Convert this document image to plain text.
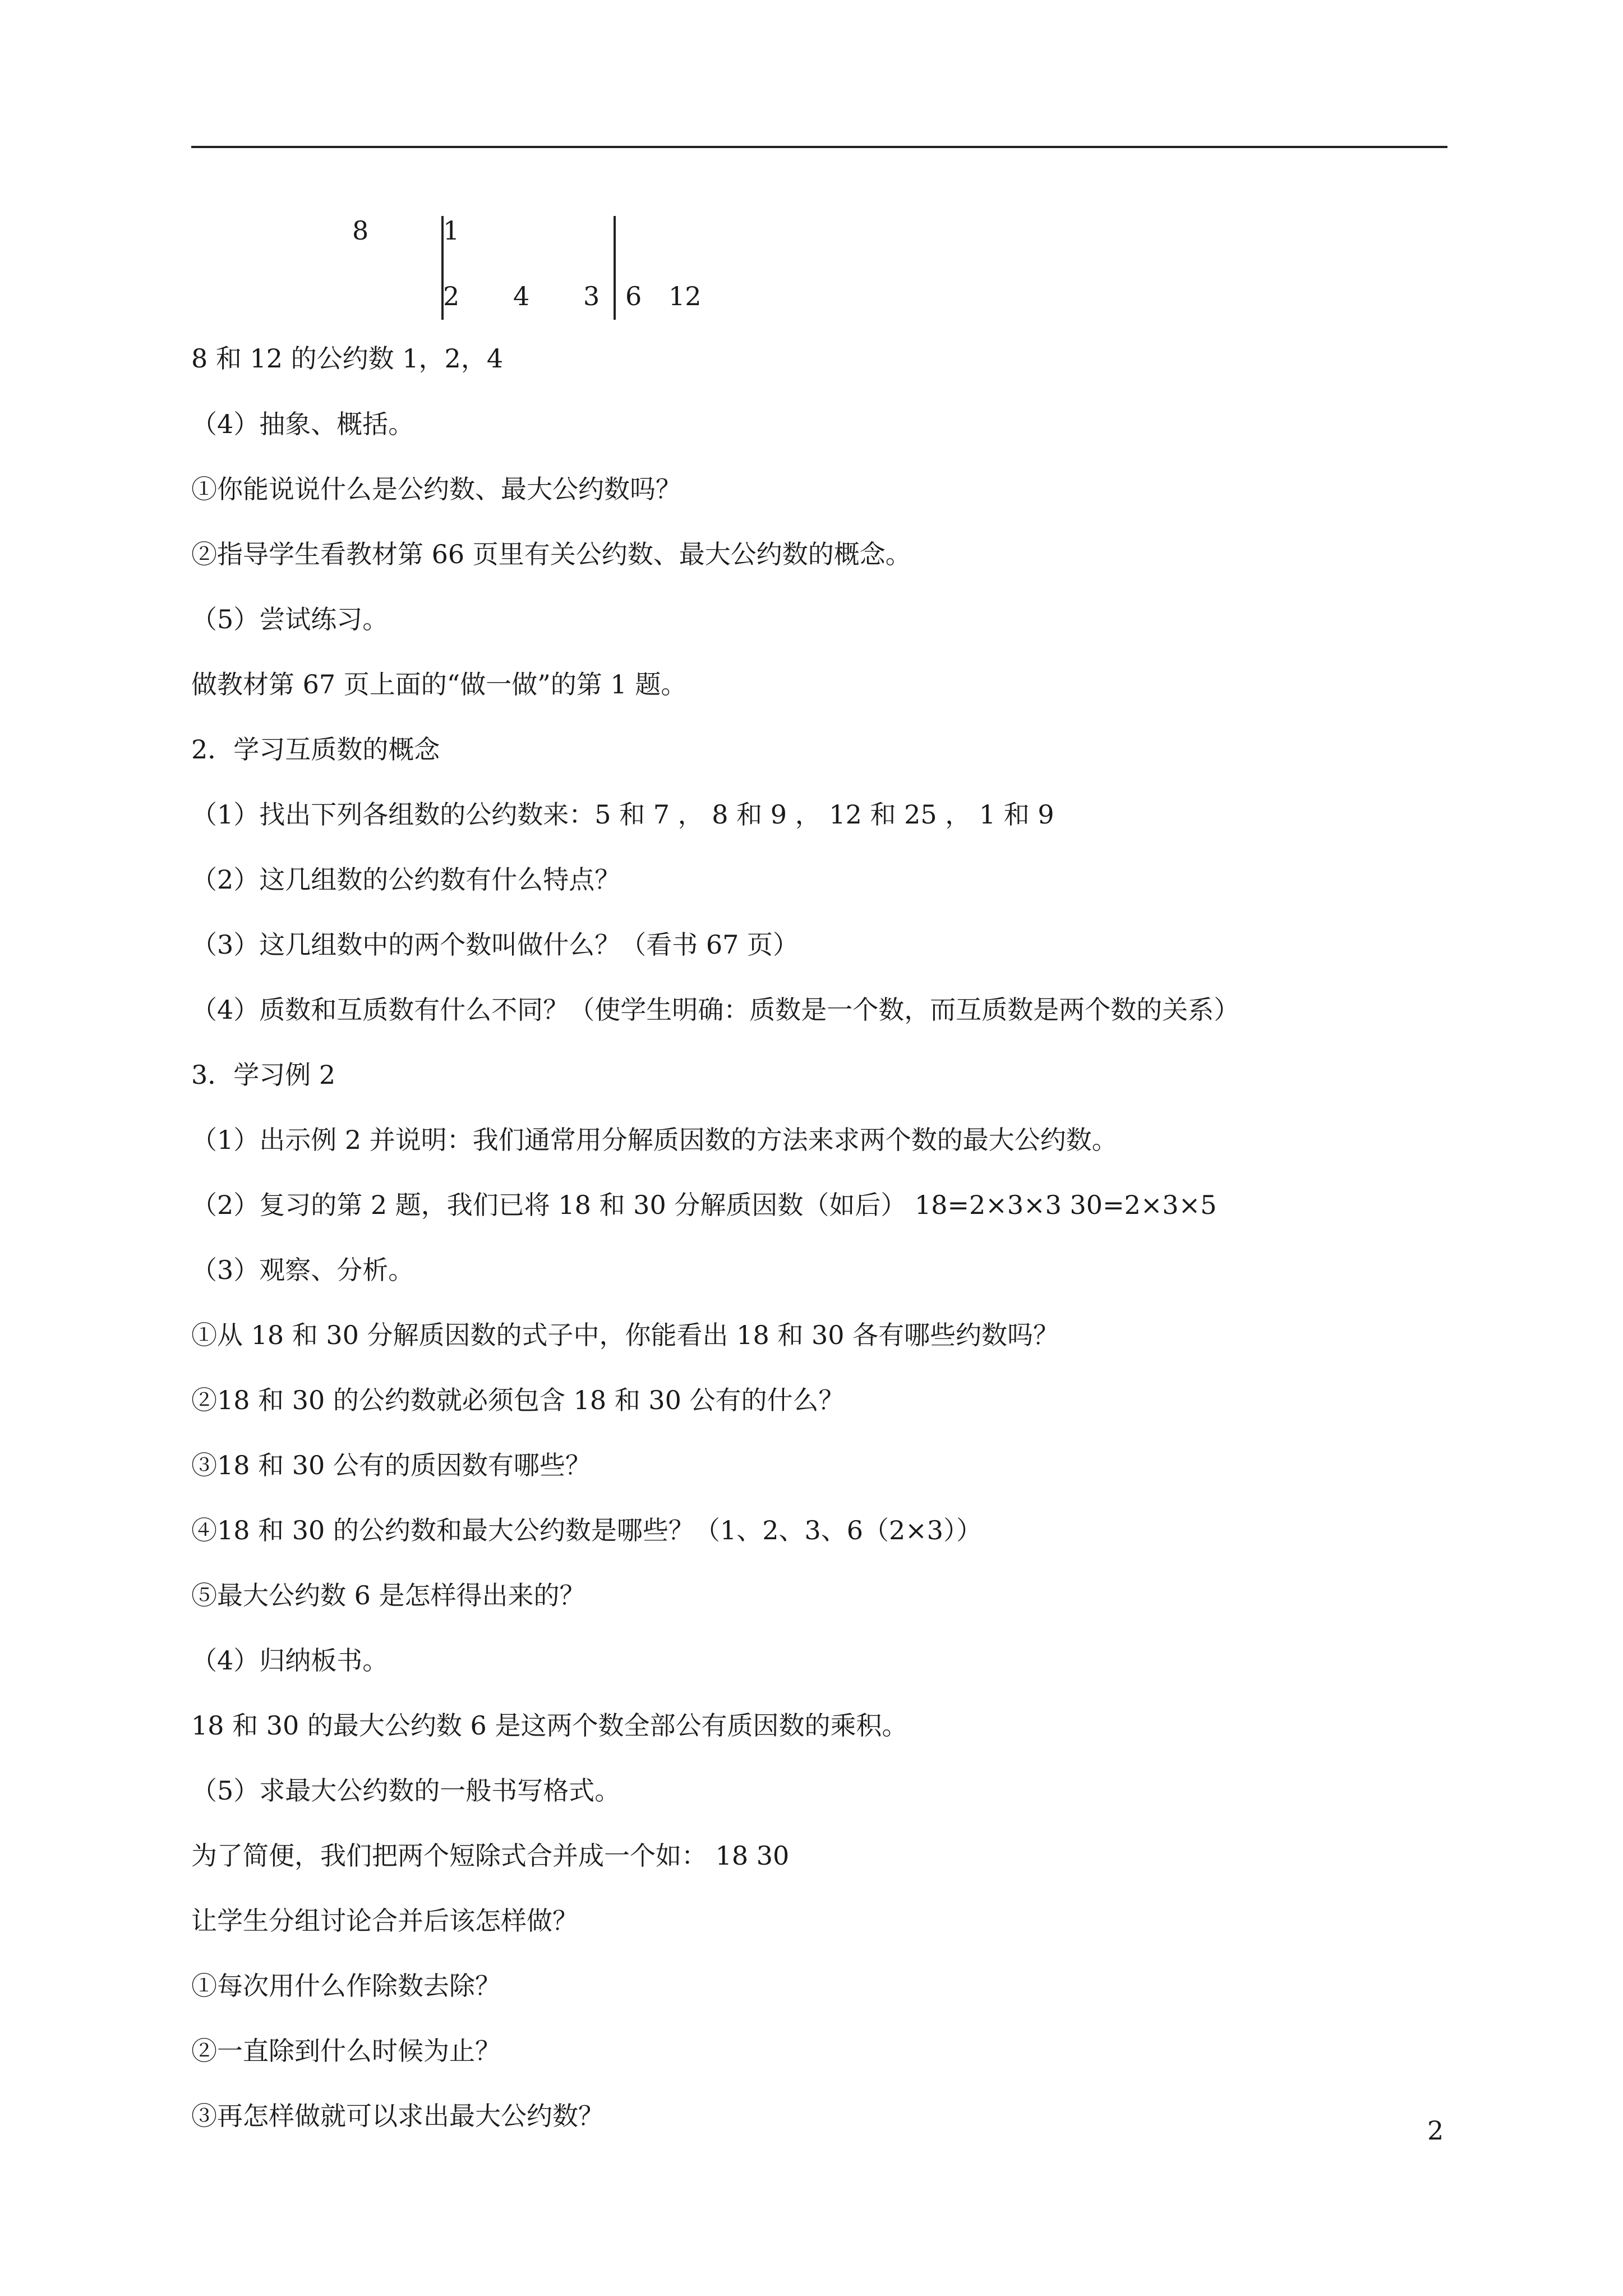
8	1
2 4 3 6 12
8 和 12 的公约数 1，2，4
（4）抽象、概括。
①你能说说什么是公约数、最大公约数吗？
②指导学生看教材第 66 页里有关公约数、最大公约数的概念。
（5）尝试练习。
做教材第 67 页上面的“做一做”的第 1 题。
2．学习互质数的概念
（1）找出下列各组数的公约数来：5 和 7 ， 8 和 9 ， 12 和 25 ， 1 和 9
（2）这几组数的公约数有什么特点？
（3）这几组数中的两个数叫做什么？（看书 67 页）
（4）质数和互质数有什么不同？（使学生明确：质数是一个数，而互质数是两个数的关系）
3．学习例 2
（1）出示例 2 并说明：我们通常用分解质因数的方法来求两个数的最大公约数。
（2）复习的第 2 题，我们已将 18 和 30 分解质因数（如后） 18=2×3×3 30=2×3×5
（3）观察、分析。
①从 18 和 30 分解质因数的式子中，你能看出 18 和 30 各有哪些约数吗？
②18 和 30 的公约数就必须包含 18 和 30 公有的什么？
③18 和 30 公有的质因数有哪些？
④18 和 30 的公约数和最大公约数是哪些？（1、2、3、6（2×3））
⑤最大公约数 6 是怎样得出来的？
（4）归纳板书。
18 和 30 的最大公约数 6 是这两个数全部公有质因数的乘积。
（5）求最大公约数的一般书写格式。
为了简便，我们把两个短除式合并成一个如： 18 30
让学生分组讨论合并后该怎样做？
①每次用什么作除数去除？
②一直除到什么时候为止？
③再怎样做就可以求出最大公约数？	2
